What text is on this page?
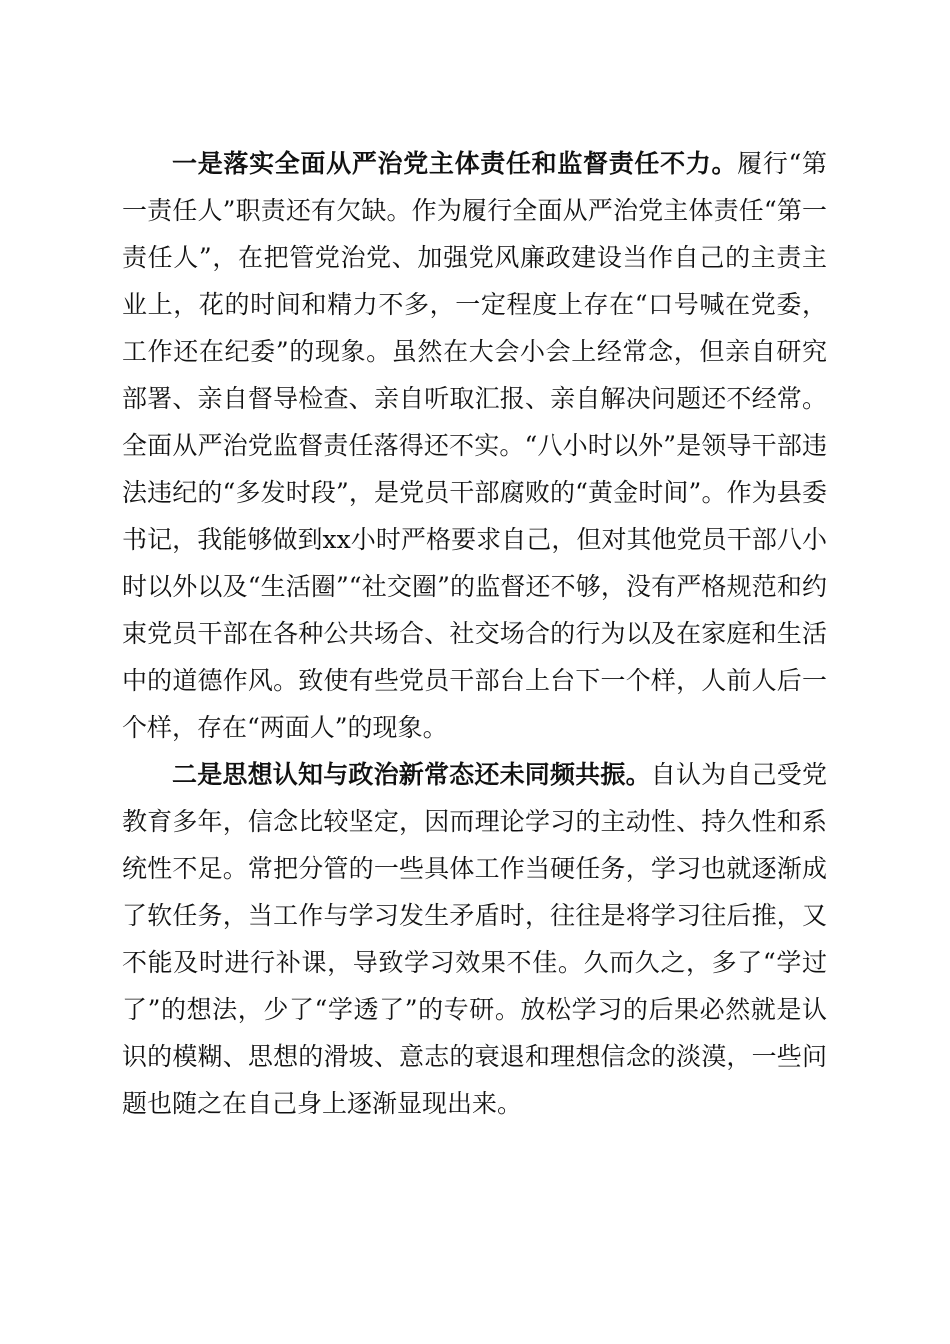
一是落实全面从严治党主体责任和监督责任不力。履行“第一责任人”职责还有欠缺。作为履行全面从严治党主体责任“第一责任人”，在把管党治党、加强党风廉政建设当作自己的主责主业上，花的时间和精力不多，一定程度上存在“口号喊在党委，工作还在纪委”的现象。虽然在大会小会上经常念，但亲自研究部署、亲自督导检查、亲自听取汇报、亲自解决问题还不经常。全面从严治党监督责任落得还不实。“八小时以外”是领导干部违法违纪的“多发时段”，是党员干部腐败的“黄金时间”。作为县委书记，我能够做到xx小时严格要求自己，但对其他党员干部八小时以外以及“生活圈”“社交圈”的监督还不够，没有严格规范和约束党员干部在各种公共场合、社交场合的行为以及在家庭和生活中的道德作风。致使有些党员干部台上台下一个样，人前人后一个样，存在“两面人”的现象。

二是思想认知与政治新常态还未同频共振。自认为自己受党教育多年，信念比较坚定，因而理论学习的主动性、持久性和系统性不足。常把分管的一些具体工作当硬任务，学习也就逐渐成了软任务，当工作与学习发生矛盾时，往往是将学习往后推，又不能及时进行补课，导致学习效果不佳。久而久之，多了“学过了”的想法，少了“学透了”的专研。放松学习的后果必然就是认识的模糊、思想的滑坡、意志的衰退和理想信念的淡漠，一些问题也随之在自己身上逐渐显现出来。
